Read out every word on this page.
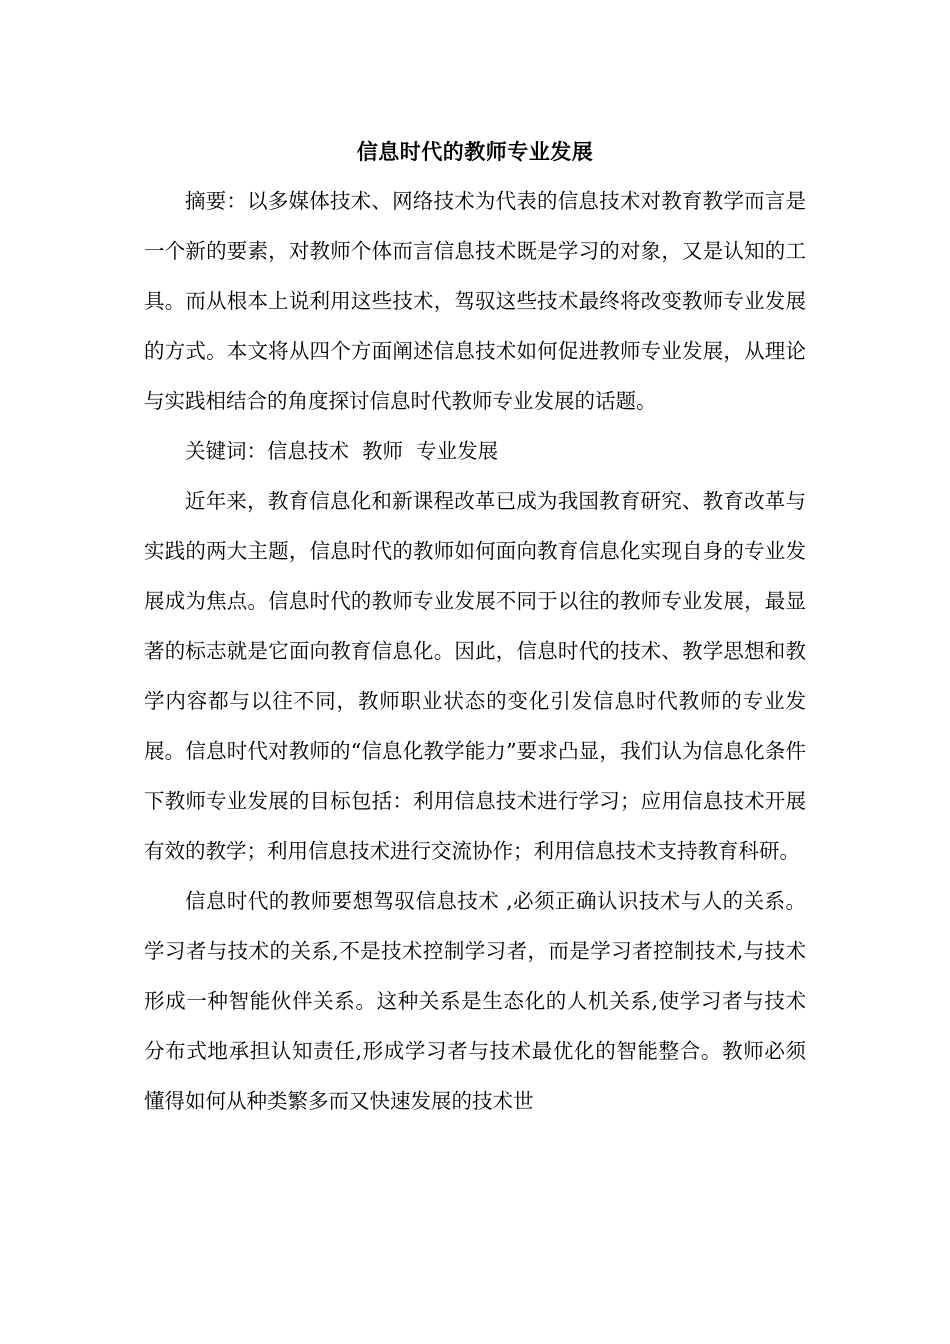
信息时代的教师专业发展

摘要：以多媒体技术、网络技术为代表的信息技术对教育教学而言是一个新的要素，对教师个体而言信息技术既是学习的对象，又是认知的工具。而从根本上说利用这些技术，驾驭这些技术最终将改变教师专业发展的方式。本文将从四个方面阐述信息技术如何促进教师专业发展，从理论与实践相结合的角度探讨信息时代教师专业发展的话题。

关键词：信息技术  教师  专业发展

近年来，教育信息化和新课程改革已成为我国教育研究、教育改革与实践的两大主题，信息时代的教师如何面向教育信息化实现自身的专业发展成为焦点。信息时代的教师专业发展不同于以往的教师专业发展，最显著的标志就是它面向教育信息化。因此，信息时代的技术、教学思想和教学内容都与以往不同，教师职业状态的变化引发信息时代教师的专业发展。信息时代对教师的“信息化教学能力”要求凸显，我们认为信息化条件下教师专业发展的目标包括：利用信息技术进行学习；应用信息技术开展有效的教学；利用信息技术进行交流协作；利用信息技术支持教育科研。

信息时代的教师要想驾驭信息技术 ,必须正确认识技术与人的关系。学习者与技术的关系,不是技术控制学习者，而是学习者控制技术,与技术形成一种智能伙伴关系。这种关系是生态化的人机关系,使学习者与技术分布式地承担认知责任,形成学习者与技术最优化的智能整合。教师必须懂得如何从种类繁多而又快速发展的技术世
